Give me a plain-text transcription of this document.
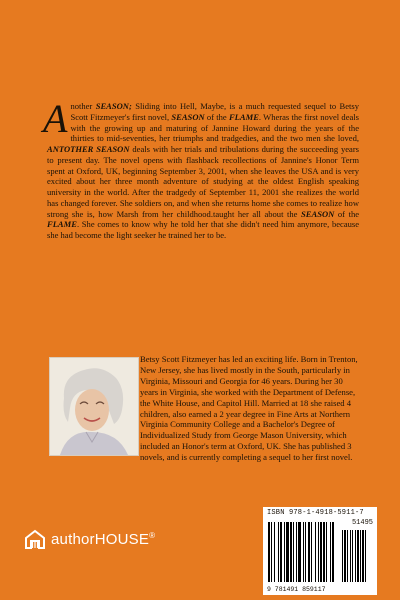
Another SEASON; Sliding into Hell, Maybe, is a much requested sequel to Betsy Scott Fitzmeyer's first novel, SEASON of the FLAME. Wheras the first novel deals with the growing up and maturing of Jannine Howard during the years of the thirties to mid-seventies, her triumphs and tradgedies, and the two men she loved, ANTOTHER SEASON deals with her trials and tribulations during the succeeding years to present day. The novel opens with flashback recollections of Jannine's Honor Term spent at Oxford, UK, beginning September 3, 2001, when she leaves the USA and is very excited about her three month adventure of studying at the oldest English speaking university in the world. After the tradgedy of September 11, 2001 she realizes the world has changed forever. She soldiers on, and when she returns home she comes to realize how strong she is, how Marsh from her childhood.taught her all about the SEASON of the FLAME. She comes to know why he told her that she didn't need him anymore, because she had become the light seeker he trained her to be.

Betsy Scott Fitzmeyer has led an exciting life. Born in Trenton, New Jersey, she has lived mostly in the South, particularly in Virginia, Missouri and Georgia for 46 years. During her 30 years in Virginia, she worked with the Department of Defense, the White House, and Capitol Hill. Married at 18 she raised 4 children, also earned a 2 year degree in Fine Arts at Northern Virginia Community College and a Bachelor's Degree of Individualized Study from George Mason University, which included an Honor's term at Oxford, UK. She has published 3 novels, and is currently completing a sequel to her first novel.

authorHOUSE®
ISBN 978-1-4918-5911-7
51495
9 781491 859117
